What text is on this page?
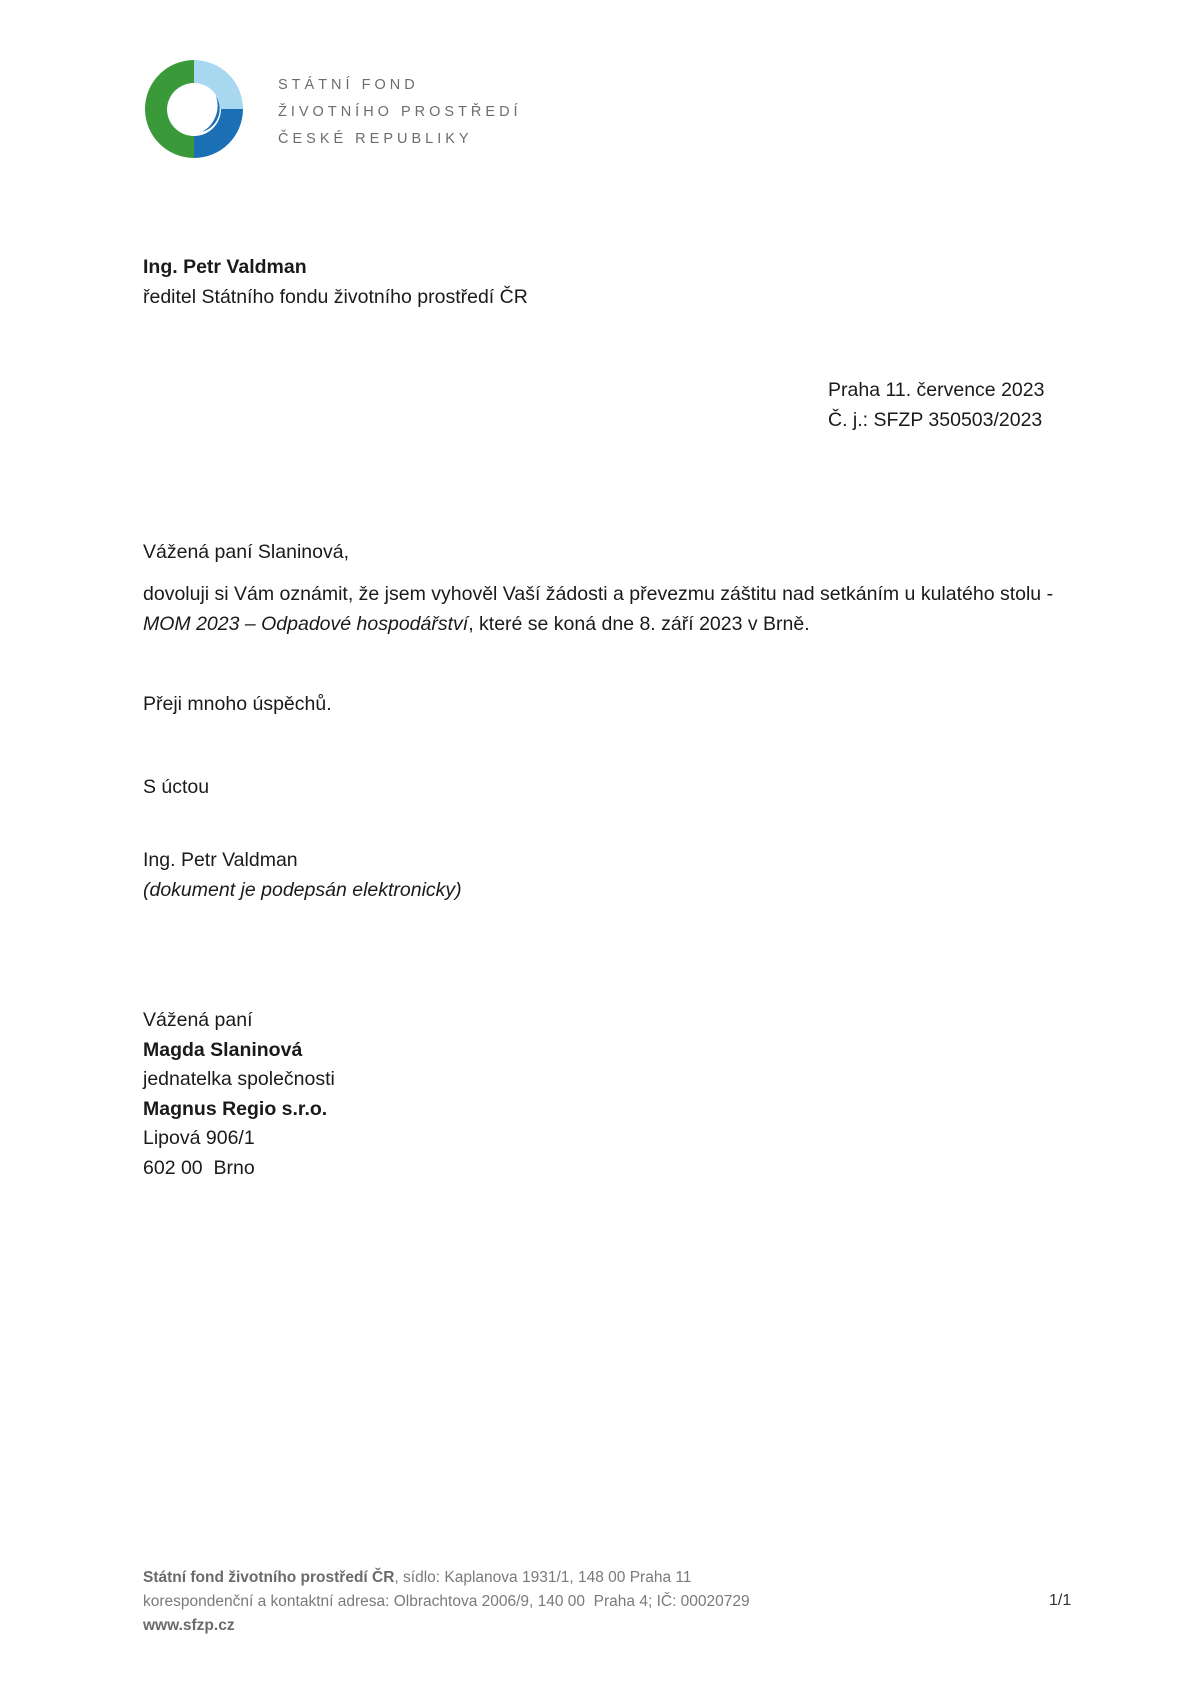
STÁTNÍ FOND
ŽIVOTNÍHO PROSTŘEDÍ
ČESKÉ REPUBLIKY
Ing. Petr Valdman
ředitel Státního fondu životního prostředí ČR
Praha 11. července 2023
Č. j.: SFZP 350503/2023
Vážená paní Slaninová,
dovoluji si Vám oznámit, že jsem vyhověl Vaší žádosti a převezmu záštitu nad setkáním u kulatého stolu - MOM 2023 – Odpadové hospodářství, které se koná dne 8. září 2023 v Brně.
Přeji mnoho úspěchů.
S úctou
Ing. Petr Valdman
(dokument je podepsán elektronicky)
Vážená paní
Magda Slaninová
jednatelka společnosti
Magnus Regio s.r.o.
Lipová 906/1
602 00  Brno
Státní fond životního prostředí ČR, sídlo: Kaplanova 1931/1, 148 00 Praha 11
korespondenční a kontaktní adresa: Olbrachtova 2006/9, 140 00  Praha 4; IČ: 00020729
www.sfzp.cz
1/1
